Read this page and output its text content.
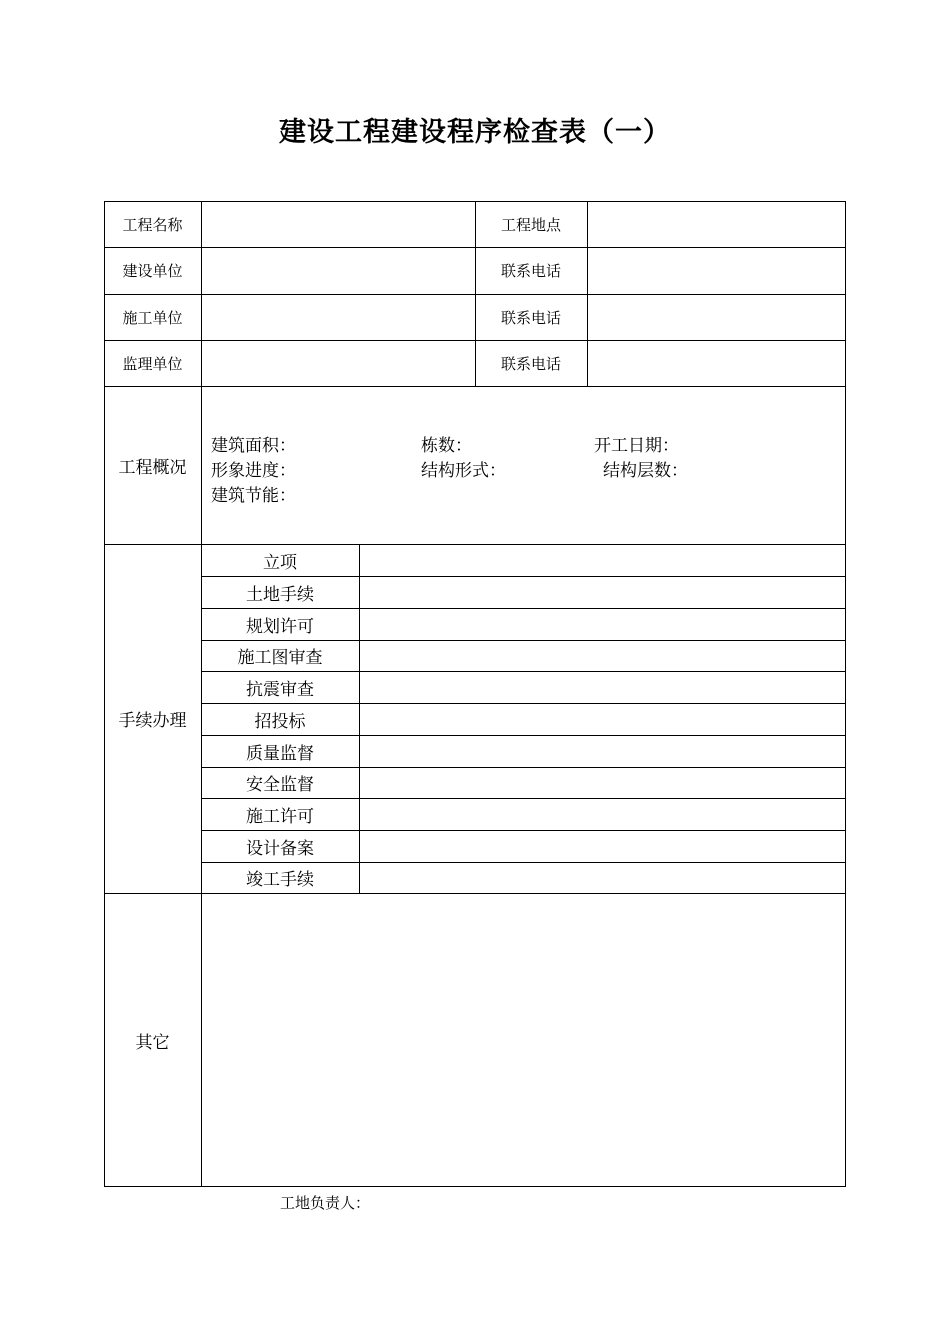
建设工程建设程序检查表（一）
工程名称	工程地点
建设单位	联系电话
施工单位	联系电话
监理单位	联系电话
工程概况
建筑面积：	栋数：	开工日期：
形象进度：	结构形式：	结构层数：
建筑节能：
手续办理
立项
土地手续
规划许可
施工图审查
抗震审查
招投标
质量监督
安全监督
施工许可
设计备案
竣工手续
其它
工地负责人：
